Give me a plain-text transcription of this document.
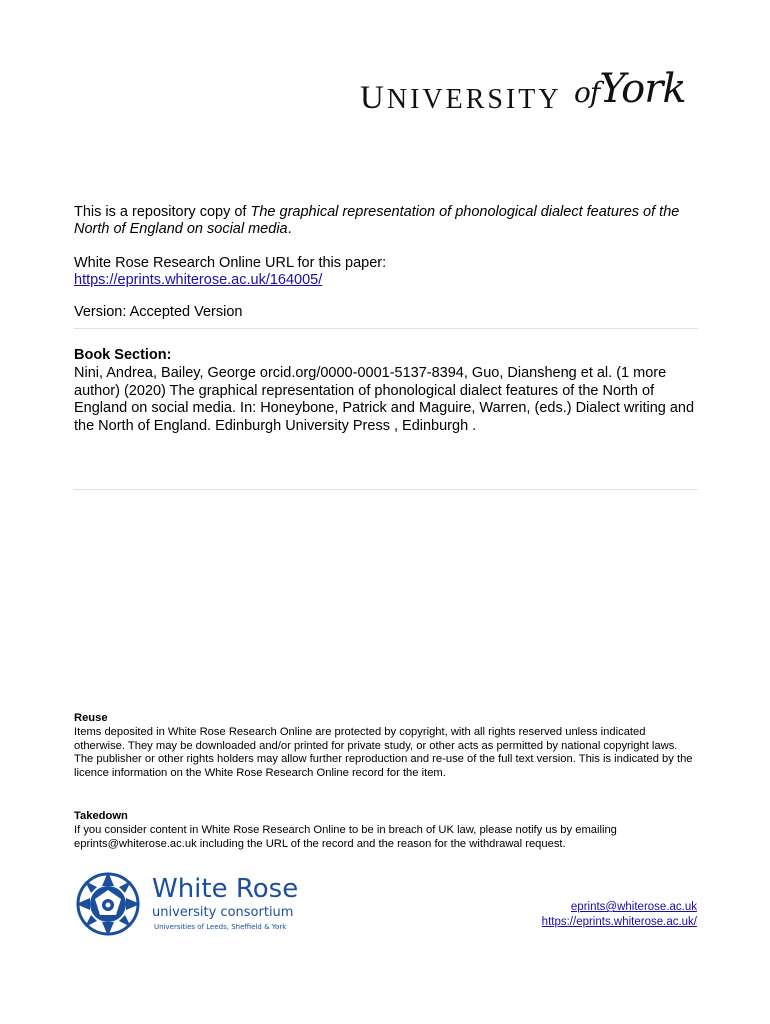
UNIVERSITY ofYork
This is a repository copy of The graphical representation of phonological dialect features of the North of England on social media.
White Rose Research Online URL for this paper:
https://eprints.whiterose.ac.uk/164005/
Version: Accepted Version
Book Section:
Nini, Andrea, Bailey, George orcid.org/0000-0001-5137-8394, Guo, Diansheng et al. (1 more author) (2020) The graphical representation of phonological dialect features of the North of England on social media. In: Honeybone, Patrick and Maguire, Warren, (eds.) Dialect writing and the North of England. Edinburgh University Press , Edinburgh .
Reuse
Items deposited in White Rose Research Online are protected by copyright, with all rights reserved unless indicated otherwise. They may be downloaded and/or printed for private study, or other acts as permitted by national copyright laws. The publisher or other rights holders may allow further reproduction and re-use of the full text version. This is indicated by the licence information on the White Rose Research Online record for the item.
Takedown
If you consider content in White Rose Research Online to be in breach of UK law, please notify us by emailing eprints@whiterose.ac.uk including the URL of the record and the reason for the withdrawal request.
White Rose
university consortium
Universities of Leeds, Sheffield & York
eprints@whiterose.ac.uk
https://eprints.whiterose.ac.uk/
